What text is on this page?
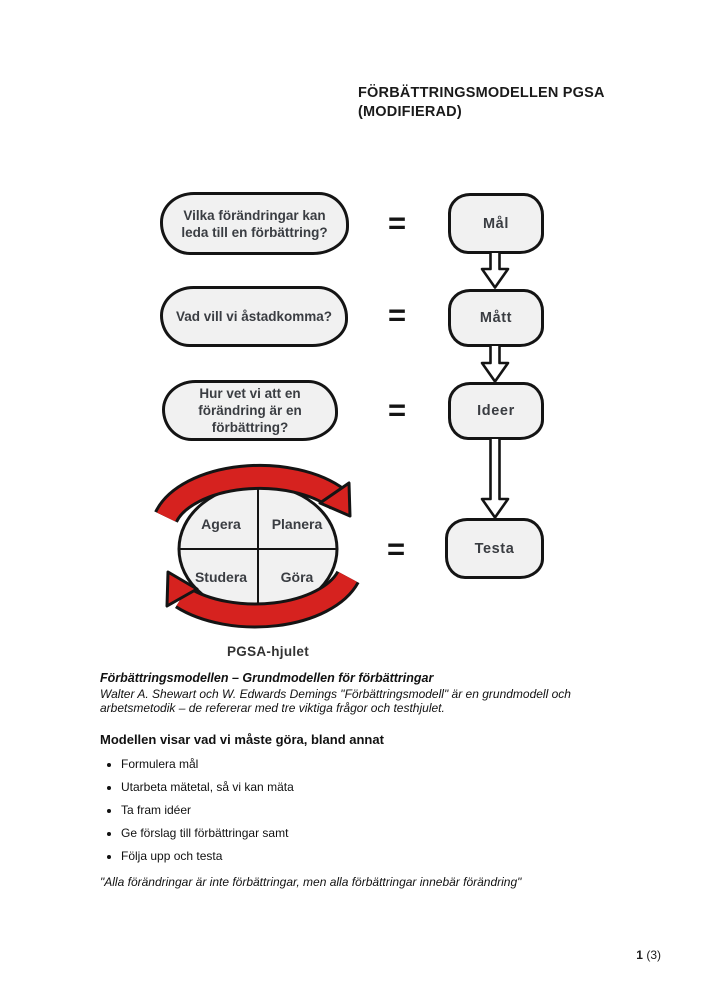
FÖRBÄTTRINGSMODELLEN PGSA
(MODIFIERAD)
Vilka förändringar kan leda till en förbättring? =	Mål
Vad vill vi åstadkomma? =	Mått
Hur vet vi att en förändring är en förbättring?	=	Ideer
Agera Planera
Studera Göra
=	Testa
PGSA-hjulet

Förbättringsmodellen – Grundmodellen för förbättringar

Walter A. Shewart och W. Edwards Demings "Förbättringsmodell" är en grundmodell och arbetsmetodik – de refererar med tre viktiga frågor och testhjulet.

Modellen visar vad vi måste göra, bland annat

• Formulera mål
• Utarbeta mätetal, så vi kan mäta
• Ta fram idéer
• Ge förslag till förbättringar samt
• Följa upp och testa

"Alla förändringar är inte förbättringar, men alla förbättringar innebär förändring"

1 (3)
